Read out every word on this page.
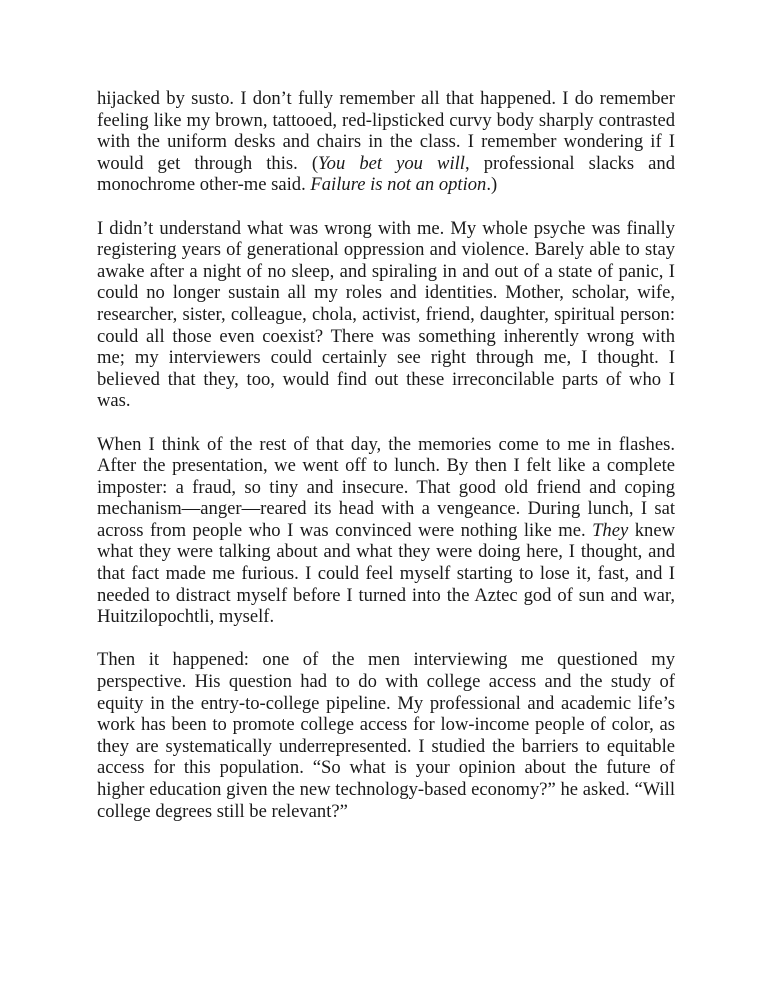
hijacked by susto. I don’t fully remember all that happened. I do remember feeling like my brown, tattooed, red-lipsticked curvy body sharply contrasted with the uniform desks and chairs in the class. I remember wondering if I would get through this. (You bet you will, professional slacks and monochrome other-me said. Failure is not an option.)

I didn’t understand what was wrong with me. My whole psyche was finally registering years of generational oppression and violence. Barely able to stay awake after a night of no sleep, and spiraling in and out of a state of panic, I could no longer sustain all my roles and identities. Mother, scholar, wife, researcher, sister, colleague, chola, activist, friend, daughter, spiritual person: could all those even coexist? There was something inherently wrong with me; my interviewers could certainly see right through me, I thought. I believed that they, too, would find out these irreconcilable parts of who I was.

When I think of the rest of that day, the memories come to me in flashes. After the presentation, we went off to lunch. By then I felt like a complete imposter: a fraud, so tiny and insecure. That good old friend and coping mechanism—anger—reared its head with a vengeance. During lunch, I sat across from people who I was convinced were nothing like me. They knew what they were talking about and what they were doing here, I thought, and that fact made me furious. I could feel myself starting to lose it, fast, and I needed to distract myself before I turned into the Aztec god of sun and war, Huitzilopochtli, myself.

Then it happened: one of the men interviewing me questioned my perspective. His question had to do with college access and the study of equity in the entry-to-college pipeline. My professional and academic life’s work has been to promote college access for low-income people of color, as they are systematically underrepresented. I studied the barriers to equitable access for this population. “So what is your opinion about the future of higher education given the new technology-based economy?” he asked. “Will college degrees still be relevant?”
